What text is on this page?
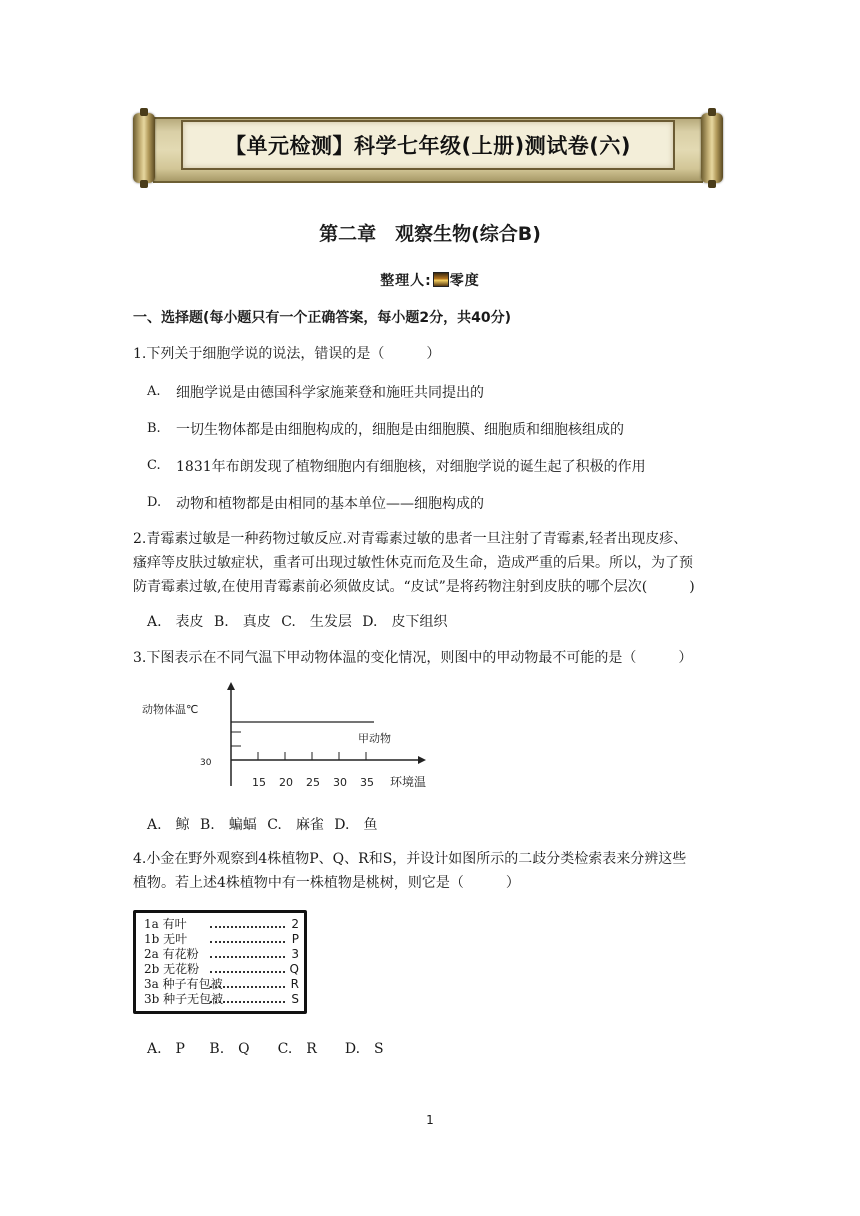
【单元检测】科学七年级(上册)测试卷(六)
第二章　观察生物(综合B)
整理人: 零度
一、选择题(每小题只有一个正确答案，每小题2分，共40分)
1.下列关于细胞学说的说法，错误的是（　　　）
A. 细胞学说是由德国科学家施莱登和施旺共同提出的
B. 一切生物体都是由细胞构成的，细胞是由细胞膜、细胞质和细胞核组成的
C. 1831年布朗发现了植物细胞内有细胞核，对细胞学说的诞生起了积极的作用
D. 动物和植物都是由相同的基本单位——细胞构成的
2.青霉素过敏是一种药物过敏反应.对青霉素过敏的患者一旦注射了青霉素,轻者出现皮疹、
瘙痒等皮肤过敏症状，重者可出现过敏性休克而危及生命，造成严重的后果。所以，为了预
防青霉素过敏,在使用青霉素前必须做皮试。“皮试”是将药物注射到皮肤的哪个层次(　　　)
A.　表皮 B.　真皮 C.　生发层 D.　皮下组织
3.下图表示在不同气温下甲动物体温的变化情况，则图中的甲动物最不可能的是（　　　）
动物体温℃
30
环境温
甲动物
15 20 25 30 35
A.　鲸 B.　蝙蝠 C.　麻雀 D.　鱼
4.小金在野外观察到4株植物P、Q、R和S，并设计如图所示的二歧分类检索表来分辨这些
植物。若上述4株植物中有一株植物是桃树，则它是（　　　）
1a 有叶	2
1b 无叶	P
2a 有花粉	3
2b 无花粉	Q
3a 种子有包被	R
3b 种子无包被	S
A.　P　 B.　Q　　C.　R　　D.　S
1
